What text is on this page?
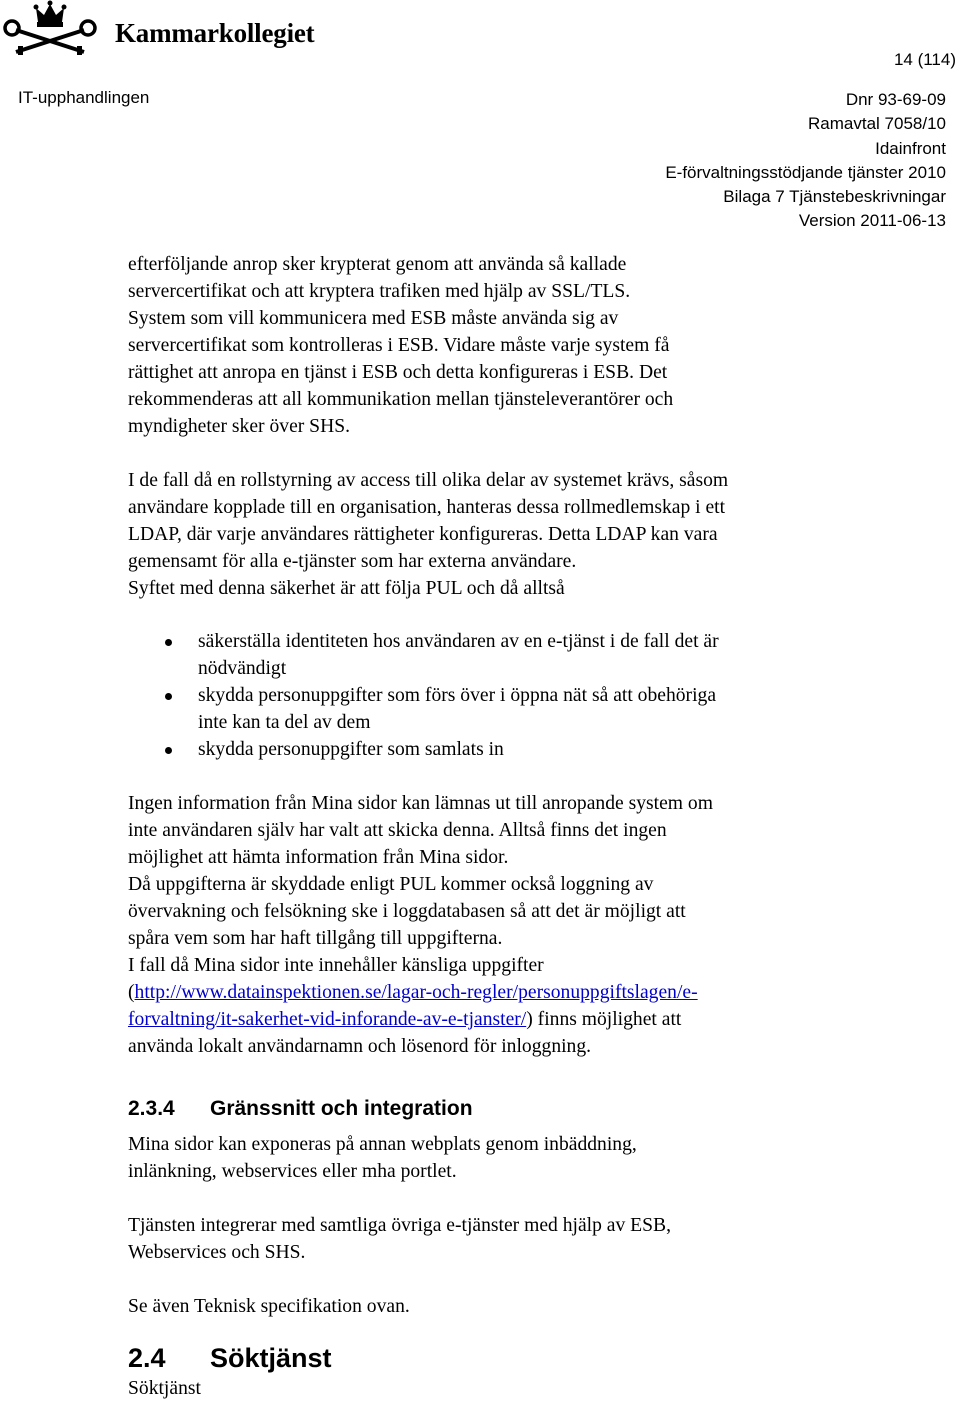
Kammarkollegiet
14 (114)
IT-upphandlingen	Dnr 93-69-09
Ramavtal 7058/10
Idainfront
E-förvaltningsstödjande tjänster 2010
Bilaga 7 Tjänstebeskrivningar
Version 2011-06-13
efterföljande anrop sker krypterat genom att använda så kallade
servercertifikat och att kryptera trafiken med hjälp av SSL/TLS.
System som vill kommunicera med ESB måste använda sig av
servercertifikat som kontrolleras i ESB. Vidare måste varje system få
rättighet att anropa en tjänst i ESB och detta konfigureras i ESB. Det
rekommenderas att all kommunikation mellan tjänsteleverantörer och
myndigheter sker över SHS.
I de fall då en rollstyrning av access till olika delar av systemet krävs, såsom
användare kopplade till en organisation, hanteras dessa rollmedlemskap i ett
LDAP, där varje användares rättigheter konfigureras. Detta LDAP kan vara
gemensamt för alla e-tjänster som har externa användare.
Syftet med denna säkerhet är att följa PUL och då alltså
säkerställa identiteten hos användaren av en e-tjänst i de fall det är
nödvändigt
skydda personuppgifter som förs över i öppna nät så att obehöriga
inte kan ta del av dem
skydda personuppgifter som samlats in
Ingen information från Mina sidor kan lämnas ut till anropande system om
inte användaren själv har valt att skicka denna. Alltså finns det ingen
möjlighet att hämta information från Mina sidor.
Då uppgifterna är skyddade enligt PUL kommer också loggning av
övervakning och felsökning ske i loggdatabasen så att det är möjligt att
spåra vem som har haft tillgång till uppgifterna.
I fall då Mina sidor inte innehåller känsliga uppgifter
(http://www.datainspektionen.se/lagar-och-regler/personuppgiftslagen/e-
forvaltning/it-sakerhet-vid-inforande-av-e-tjanster/) finns möjlighet att
använda lokalt användarnamn och lösenord för inloggning.
2.3.4 Gränssnitt och integration
Mina sidor kan exponeras på annan webplats genom inbäddning,
inlänkning, webservices eller mha portlet.
Tjänsten integrerar med samtliga övriga e-tjänster med hjälp av ESB,
Webservices och SHS.
Se även Teknisk specifikation ovan.
2.4 Söktjänst
Söktjänst
